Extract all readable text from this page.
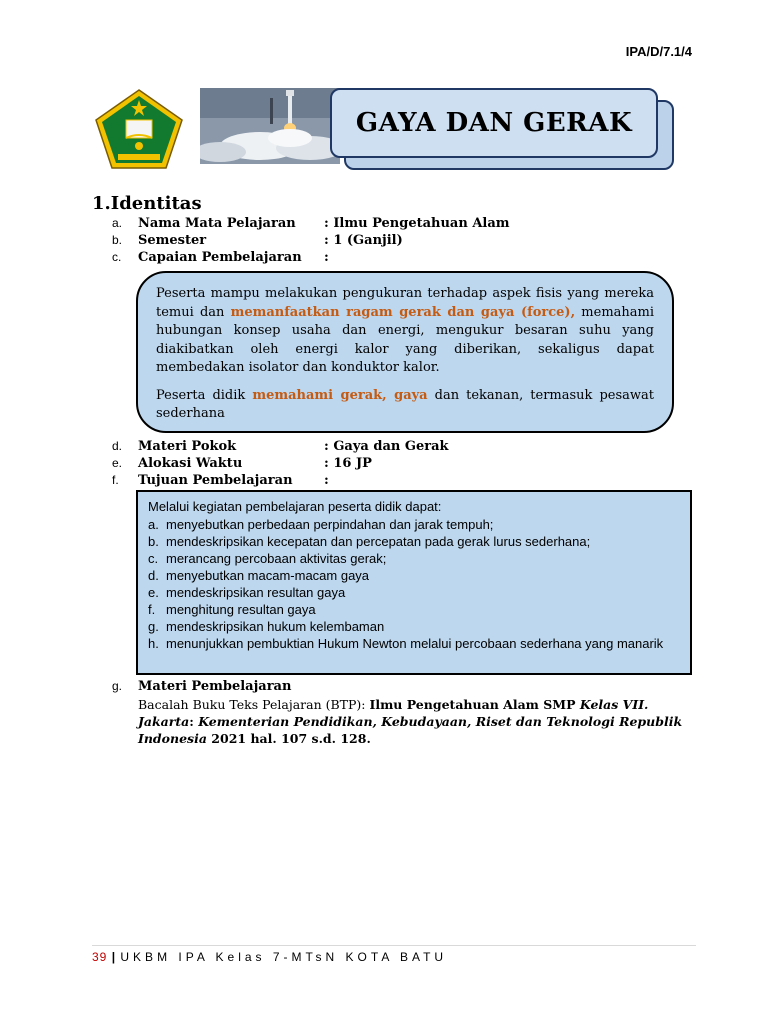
IPA/D/7.1/4
GAYA DAN GERAK
1.Identitas
a. Nama Mata Pelajaran : Ilmu Pengetahuan Alam
b. Semester	: 1 (Ganjil)
c. Capaian Pembelajaran :

Peserta mampu melakukan pengukuran terhadap aspek fisis yang mereka temui dan memanfaatkan ragam gerak dan gaya (force), memahami hubungan konsep usaha dan energi, mengukur besaran suhu yang diakibatkan oleh energi kalor yang diberikan, sekaligus dapat membedakan isolator dan konduktor kalor.

Peserta didik memahami gerak, gaya dan tekanan, termasuk pesawat sederhana

d. Materi Pokok	: Gaya dan Gerak
e. Alokasi Waktu	: 16 JP
f. Tujuan Pembelajaran :
Melalui kegiatan pembelajaran peserta didik dapat:
a. menyebutkan perbedaan perpindahan dan jarak tempuh;
b. mendeskripsikan kecepatan dan percepatan pada gerak lurus sederhana;
c. merancang percobaan aktivitas gerak;
d. menyebutkan macam-macam gaya
e. mendeskripsikan resultan gaya
f. menghitung resultan gaya
g. mendeskripsikan hukum kelembaman
h. menunjukkan pembuktian Hukum Newton melalui percobaan sederhana yang manarik
g. Materi Pembelajaran
Bacalah Buku Teks Pelajaran (BTP): Ilmu Pengetahuan Alam SMP Kelas VII. Jakarta: Kementerian Pendidikan, Kebudayaan, Riset dan Teknologi Republik Indonesia 2021 hal. 107 s.d. 128.
39 | UKBM IPA Kelas 7-MTsN KOTA BATU
